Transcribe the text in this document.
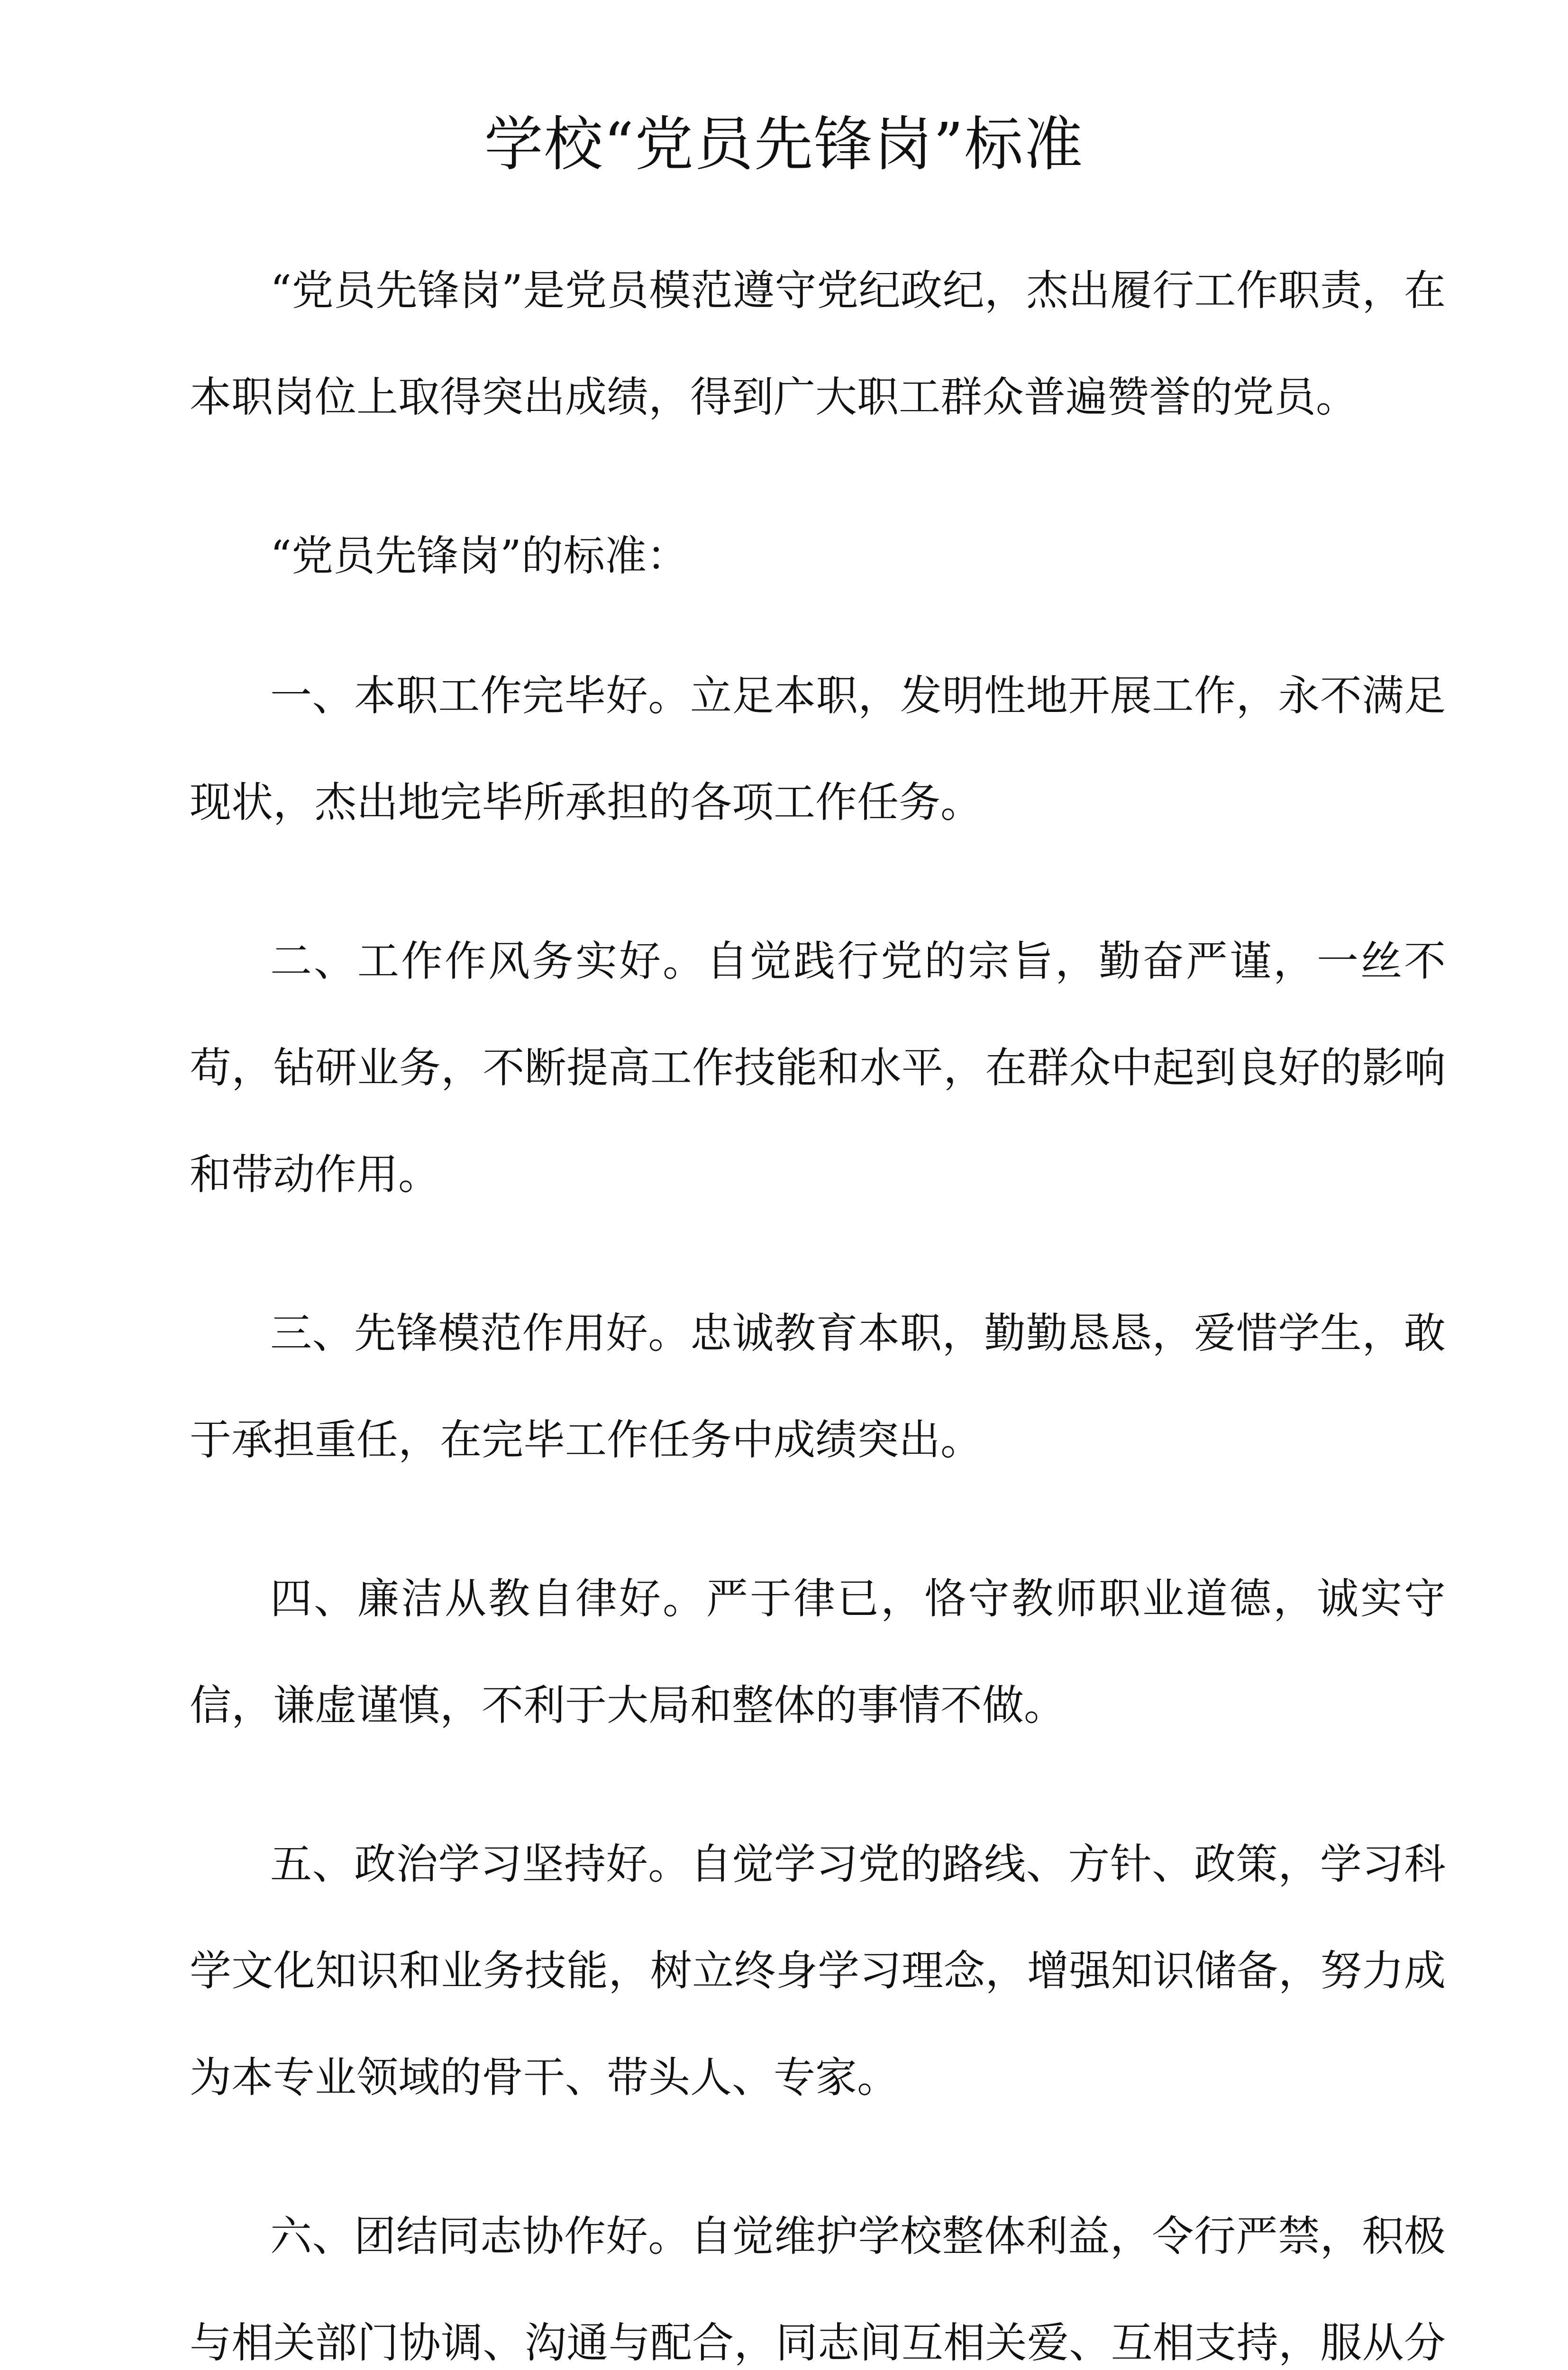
学校“党员先锋岗”标准

“党员先锋岗”是党员模范遵守党纪政纪，杰出履行工作职责，在本职岗位上取得突出成绩，得到广大职工群众普遍赞誉的党员。

“党员先锋岗”的标准：

一、本职工作完毕好。立足本职，发明性地开展工作，永不满足现状，杰出地完毕所承担的各项工作任务。

二、工作作风务实好。自觉践行党的宗旨，勤奋严谨，一丝不苟，钻研业务，不断提高工作技能和水平，在群众中起到良好的影响和带动作用。

三、先锋模范作用好。忠诚教育本职，勤勤恳恳，爱惜学生，敢于承担重任，在完毕工作任务中成绩突出。

四、廉洁从教自律好。严于律已，恪守教师职业道德，诚实守信，谦虚谨慎，不利于大局和整体的事情不做。

五、政治学习坚持好。自觉学习党的路线、方针、政策，学习科学文化知识和业务技能，树立终身学习理念，增强知识储备，努力成为本专业领域的骨干、带头人、专家。

六、团结同志协作好。自觉维护学校整体利益，令行严禁，积极与相关部门协调、沟通与配合，同志间互相关爱、互相支持，服从分
